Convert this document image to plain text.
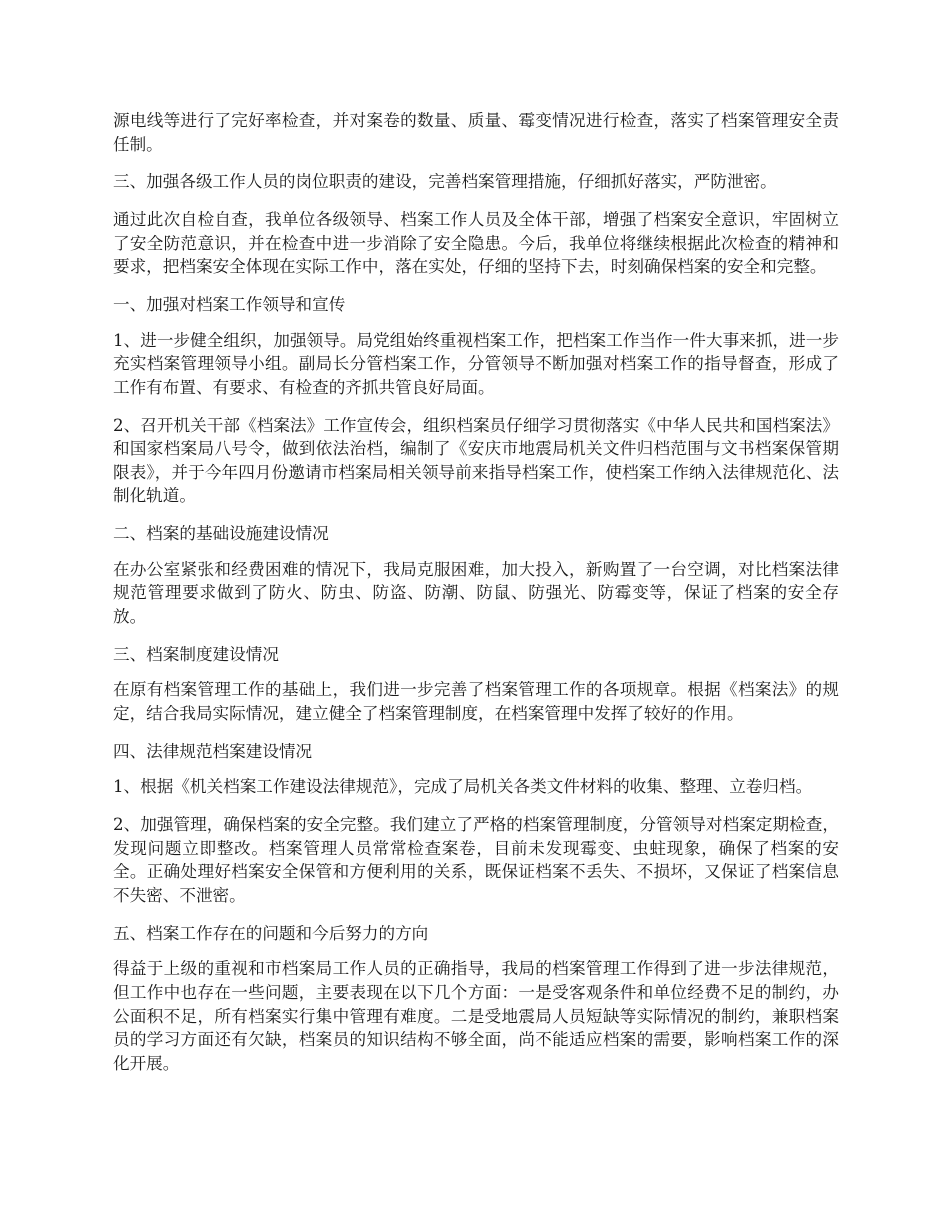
源电线等进行了完好率检查，并对案卷的数量、质量、霉变情况进行检查，落实了档案管理安全责任制。

三、加强各级工作人员的岗位职责的建设，完善档案管理措施，仔细抓好落实，严防泄密。

通过此次自检自查，我单位各级领导、档案工作人员及全体干部，增强了档案安全意识，牢固树立了安全防范意识，并在检查中进一步消除了安全隐患。今后，我单位将继续根据此次检查的精神和要求，把档案安全体现在实际工作中，落在实处，仔细的坚持下去，时刻确保档案的安全和完整。

一、加强对档案工作领导和宣传

1、进一步健全组织，加强领导。局党组始终重视档案工作，把档案工作当作一件大事来抓，进一步充实档案管理领导小组。副局长分管档案工作，分管领导不断加强对档案工作的指导督查，形成了工作有布置、有要求、有检查的齐抓共管良好局面。

2、召开机关干部《档案法》工作宣传会，组织档案员仔细学习贯彻落实《中华人民共和国档案法》和国家档案局八号令，做到依法治档，编制了《安庆市地震局机关文件归档范围与文书档案保管期限表》，并于今年四月份邀请市档案局相关领导前来指导档案工作，使档案工作纳入法律规范化、法制化轨道。

二、档案的基础设施建设情况

在办公室紧张和经费困难的情况下，我局克服困难，加大投入，新购置了一台空调，对比档案法律规范管理要求做到了防火、防虫、防盗、防潮、防鼠、防强光、防霉变等，保证了档案的安全存放。

三、档案制度建设情况

在原有档案管理工作的基础上，我们进一步完善了档案管理工作的各项规章。根据《档案法》的规定，结合我局实际情况，建立健全了档案管理制度，在档案管理中发挥了较好的作用。

四、法律规范档案建设情况

1、根据《机关档案工作建设法律规范》，完成了局机关各类文件材料的收集、整理、立卷归档。

2、加强管理，确保档案的安全完整。我们建立了严格的档案管理制度，分管领导对档案定期检查，发现问题立即整改。档案管理人员常常检查案卷，目前未发现霉变、虫蛀现象，确保了档案的安全。正确处理好档案安全保管和方便利用的关系，既保证档案不丢失、不损坏，又保证了档案信息不失密、不泄密。

五、档案工作存在的问题和今后努力的方向

得益于上级的重视和市档案局工作人员的正确指导，我局的档案管理工作得到了进一步法律规范，但工作中也存在一些问题，主要表现在以下几个方面：一是受客观条件和单位经费不足的制约，办公面积不足，所有档案实行集中管理有难度。二是受地震局人员短缺等实际情况的制约，兼职档案员的学习方面还有欠缺，档案员的知识结构不够全面，尚不能适应档案的需要，影响档案工作的深化开展。
